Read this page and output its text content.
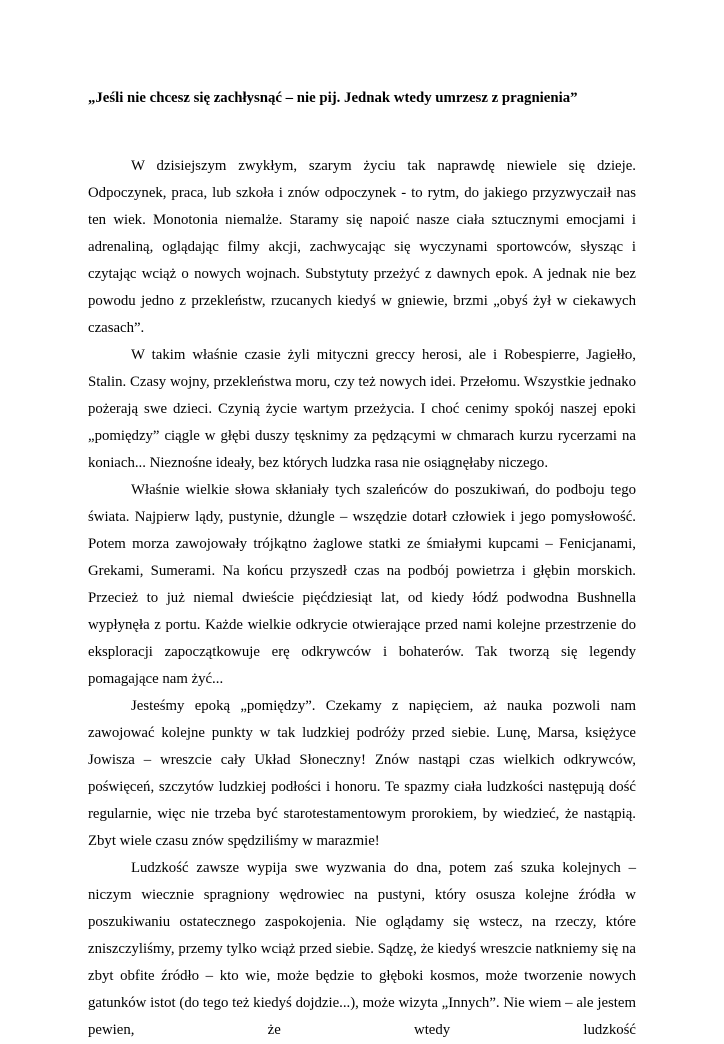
„Jeśli nie chcesz się zachłysnąć – nie pij. Jednak wtedy umrzesz z pragnienia”

W dzisiejszym zwykłym, szarym życiu tak naprawdę niewiele się dzieje. Odpoczynek, praca, lub szkoła i znów odpoczynek - to rytm, do jakiego przyzwyczaił nas ten wiek. Monotonia niemalże. Staramy się napoić nasze ciała sztucznymi emocjami i adrenaliną, oglądając filmy akcji, zachwycając się wyczynami sportowców, słysząc i czytając wciąż o nowych wojnach. Substytuty przeżyć z dawnych epok. A jednak nie bez powodu jedno z przekleństw, rzucanych kiedyś w gniewie, brzmi „obyś żył w ciekawych czasach”.

W takim właśnie czasie żyli mityczni greccy herosi, ale i Robespierre, Jagiełło, Stalin. Czasy wojny, przekleństwa moru, czy też nowych idei. Przełomu. Wszystkie jednako pożerają swe dzieci. Czynią życie wartym przeżycia. I choć cenimy spokój naszej epoki „pomiędzy” ciągle w głębi duszy tęsknimy za pędzącymi w chmarach kurzu rycerzami na koniach... Nieznośne ideały, bez których ludzka rasa nie osiągnęłaby niczego.

Właśnie wielkie słowa skłaniały tych szaleńców do poszukiwań, do podboju tego świata. Najpierw lądy, pustynie, dżungle – wszędzie dotarł człowiek i jego pomysłowość. Potem morza zawojowały trójkątno żaglowe statki ze śmiałymi kupcami – Fenicjanami, Grekami, Sumerami. Na końcu przyszedł czas na podbój powietrza i głębin morskich. Przecież to już niemal dwieście pięćdziesiąt lat, od kiedy łódź podwodna Bushnella wypłynęła z portu. Każde wielkie odkrycie otwierające przed nami kolejne przestrzenie do eksploracji zapoczątkowuje erę odkrywców i bohaterów. Tak tworzą się legendy pomagające nam żyć...

Jesteśmy epoką „pomiędzy”. Czekamy z napięciem, aż nauka pozwoli nam zawojować kolejne punkty w tak ludzkiej podróży przed siebie. Lunę, Marsa, księżyce Jowisza – wreszcie cały Układ Słoneczny! Znów nastąpi czas wielkich odkrywców, poświęceń, szczytów ludzkiej podłości i honoru. Te spazmy ciała ludzkości następują dość regularnie, więc nie trzeba być starotestamentowym prorokiem, by wiedzieć, że nastąpią. Zbyt wiele czasu znów spędziliśmy w marazmie!

Ludzkość zawsze wypija swe wyzwania do dna, potem zaś szuka kolejnych – niczym wiecznie spragniony wędrowiec na pustyni, który osusza kolejne źródła w poszukiwaniu ostatecznego zaspokojenia. Nie oglądamy się wstecz, na rzeczy, które zniszczyliśmy, przemy tylko wciąż przed siebie. Sądzę, że kiedyś wreszcie natkniemy się na zbyt obfite źródło – kto wie, może będzie to głęboki kosmos, może tworzenie nowych gatunków istot (do tego też kiedyś dojdzie...), może wizyta „Innych”. Nie wiem – ale jestem pewien, że wtedy ludzkość
